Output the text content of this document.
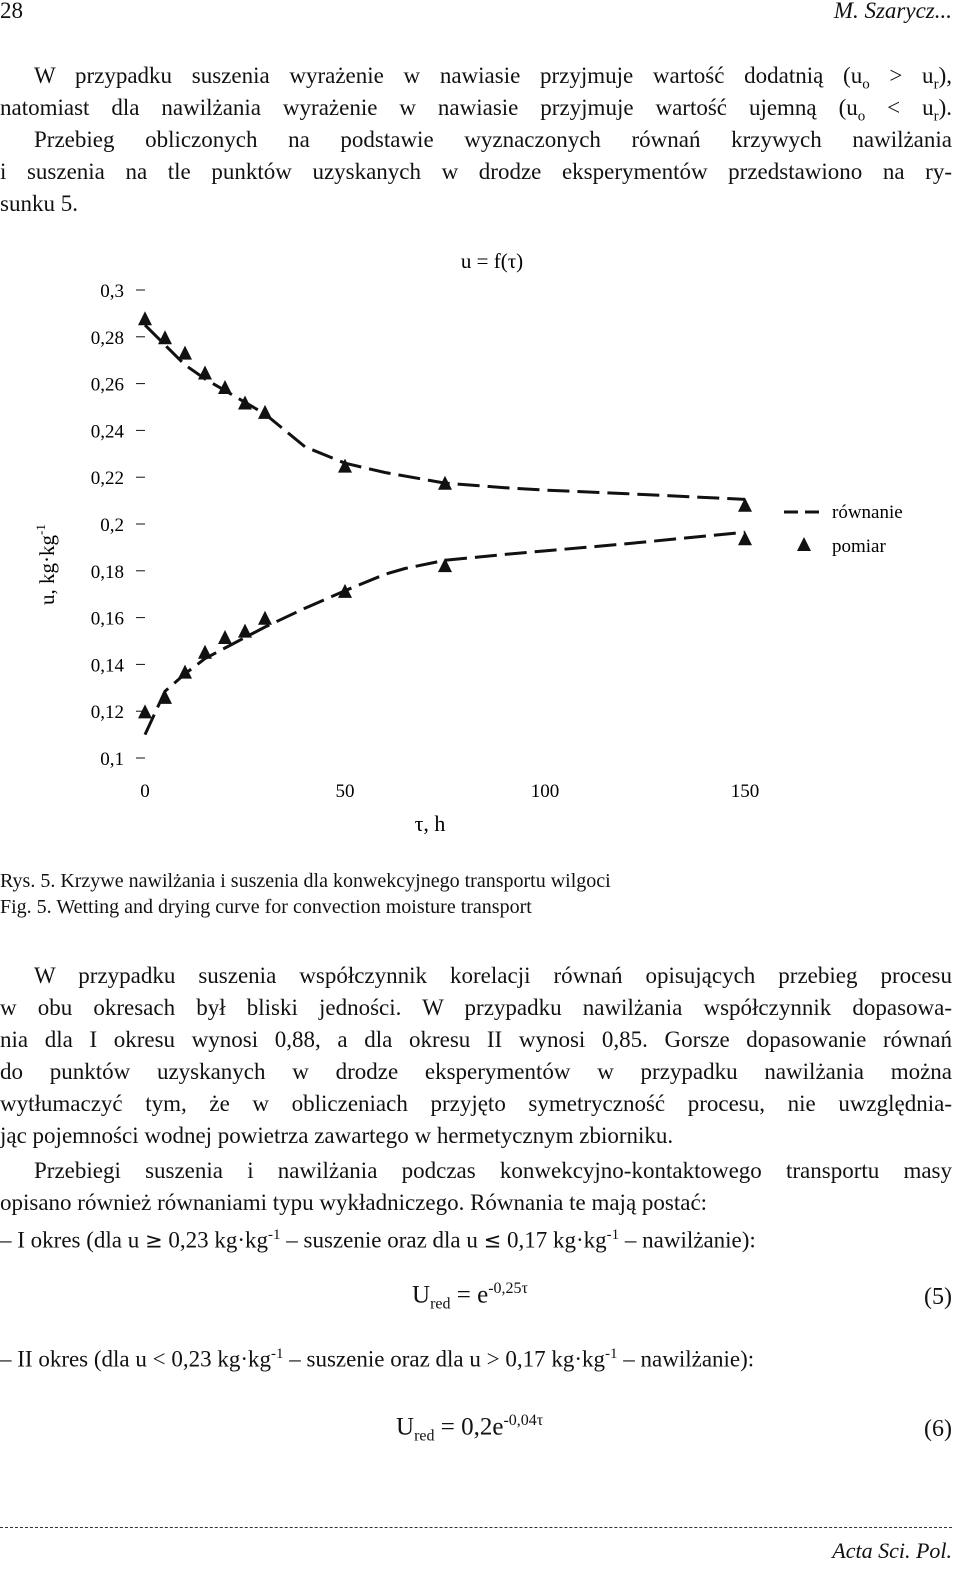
28	M. Szarycz...
W przypadku suszenia wyrażenie w nawiasie przyjmuje wartość dodatnią $(u_o > u_r)$,
natomiast dla nawilżania wyrażenie w nawiasie przyjmuje wartość ujemną $(u_o < u_r)$.
Przebieg obliczonych na podstawie wyznaczonych równań krzywych nawilżania
i suszenia na tle punktów uzyskanych w drodze eksperymentów przedstawiono na ry-
sunku 5.
u = f(τ)
0,3
0,28
0,26
0,24
0,22
0,2
0,18
0,16
0,14
0,12
0,1
0	50	100	150
u, $kg\cdot kg^{-1}$
τ, h
równanie
pomiar
Rys. 5. Krzywe nawilżania i suszenia dla konwekcyjnego transportu wilgoci
Fig. 5. Wetting and drying curve for convection moisture transport
W przypadku suszenia współczynnik korelacji równań opisujących przebieg procesu
w obu okresach był bliski jedności. W przypadku nawilżania współczynnik dopasowa-
nia dla I okresu wynosi 0,88, a dla okresu II wynosi 0,85. Gorsze dopasowanie równań
do punktów uzyskanych w drodze eksperymentów w przypadku nawilżania można
wytłumaczyć tym, że w obliczeniach przyjęto symetryczność procesu, nie uwzględnia-
jąc pojemności wodnej powietrza zawartego w hermetycznym zbiorniku.
Przebiegi suszenia i nawilżania podczas konwekcyjno-kontaktowego transportu masy
opisano również równaniami typu wykładniczego. Równania te mają postać:
– I okres (dla u ≥ 0,23 $kg\cdot kg^{-1}$ – suszenie oraz dla u ≤ 0,17 $kg\cdot kg^{-1}$ – nawilżanie):
$U_{red} = e^{-0,25\tau}$	(5)
– II okres (dla u < 0,23 $kg\cdot kg^{-1}$ – suszenie oraz dla u > 0,17 $kg\cdot kg^{-1}$ – nawilżanie):
$U_{red} = 0,2e^{-0,04\tau}$	(6)
Acta Sci. Pol.
